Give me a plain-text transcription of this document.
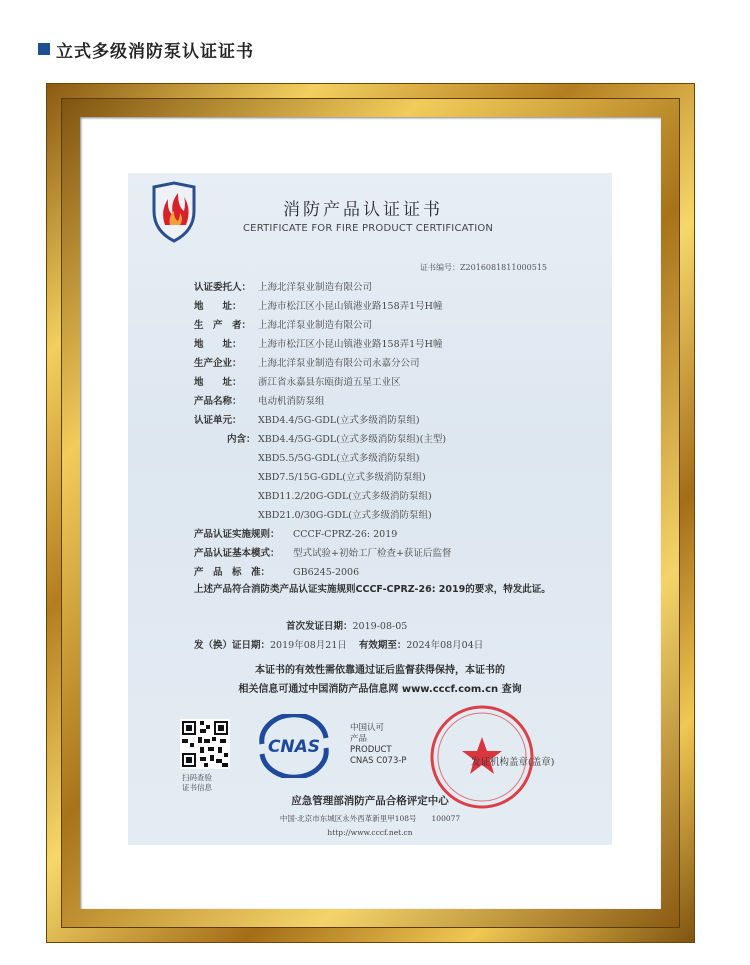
立式多级消防泵认证证书
消防产品认证证书
CERTIFICATE FOR FIRE PRODUCT CERTIFICATION
证书编号：Z2016081811000515
认证委托人： 上海北洋泵业制造有限公司
地　　址： 上海市松江区小昆山镇港业路158弄1号H幢
生　产　者： 上海北洋泵业制造有限公司
地　　址： 上海市松江区小昆山镇港业路158弄1号H幢
生产企业： 上海北洋泵业制造有限公司永嘉分公司
地　　址： 浙江省永嘉县东瓯街道五星工业区
产品名称： 电动机消防泵组
认证单元： XBD4.4/5G-GDL(立式多级消防泵组)
内含： XBD4.4/5G-GDL(立式多级消防泵组)(主型)
XBD5.5/5G-GDL(立式多级消防泵组)
XBD7.5/15G-GDL(立式多级消防泵组)
XBD11.2/20G-GDL(立式多级消防泵组)
XBD21.0/30G-GDL(立式多级消防泵组)
产品认证实施规则： CCCF-CPRZ-26: 2019
产品认证基本模式： 型式试验+初始工厂检查+获证后监督
产　品　标　准： GB6245-2006
上述产品符合消防类产品认证实施规则CCCF-CPRZ-26: 2019的要求，特发此证。
首次发证日期：2019-08-05
发（换）证日期：2019年08月21日 有效期至：2024年08月04日
本证书的有效性需依靠通过证后监督获得保持，本证书的
相关信息可通过中国消防产品信息网 www.cccf.com.cn 查询
扫码查验
证书信息
CNAS
中国认可
产品
PRODUCT
CNAS C073-P	发证机构盖章(盖章)
应急管理部消防产品合格评定中心
中国·北京市东城区永外西革新里甲108号　　100077
http://www.cccf.net.cn
